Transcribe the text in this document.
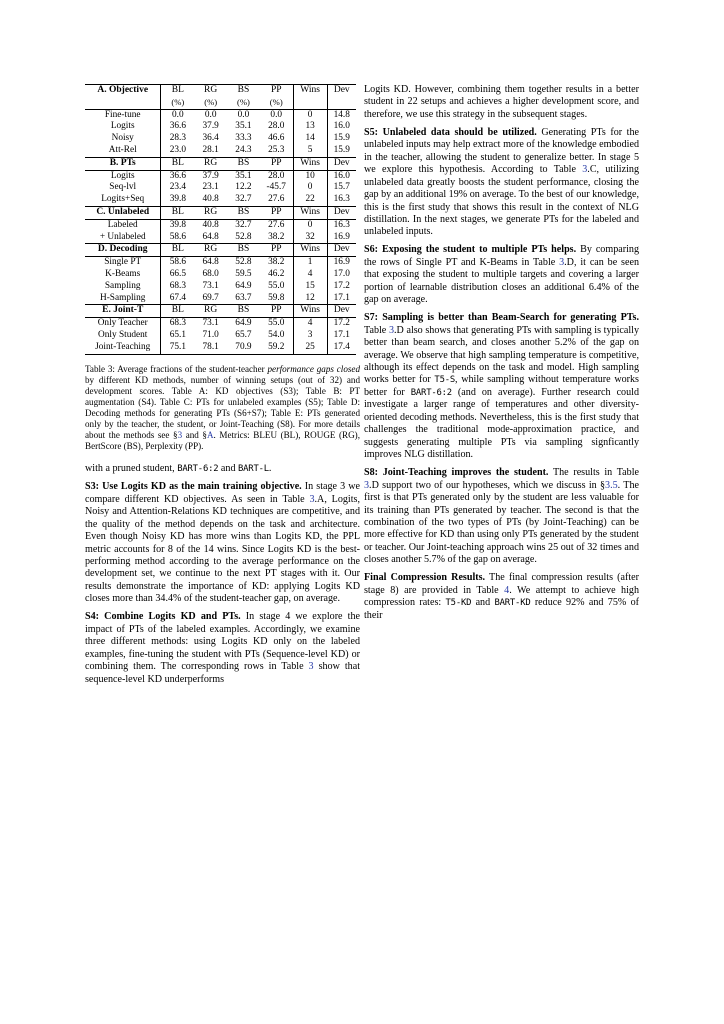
A. Objective	BL	RG	BS	PP	Wins	Dev
	(%)	(%)	(%)	(%)		
Fine-tune	0.0	0.0	0.0	0.0	0	14.8
Logits	36.6	37.9	35.1	28.0	13	16.0
Noisy	28.3	36.4	33.3	46.6	14	15.9
Att-Rel	23.0	28.1	24.3	25.3	5	15.9
B. PTs	BL	RG	BS	PP	Wins	Dev
Logits	36.6	37.9	35.1	28.0	10	16.0
Seq-lvl	23.4	23.1	12.2	-45.7	0	15.7
Logits+Seq	39.8	40.8	32.7	27.6	22	16.3
C. Unlabeled	BL	RG	BS	PP	Wins	Dev
Labeled	39.8	40.8	32.7	27.6	0	16.3
+ Unlabeled	58.6	64.8	52.8	38.2	32	16.9
D. Decoding	BL	RG	BS	PP	Wins	Dev
Single PT	58.6	64.8	52.8	38.2	1	16.9
K-Beams	66.5	68.0	59.5	46.2	4	17.0
Sampling	68.3	73.1	64.9	55.0	15	17.2
H-Sampling	67.4	69.7	63.7	59.8	12	17.1
E. Joint-T	BL	RG	BS	PP	Wins	Dev
Only Teacher	68.3	73.1	64.9	55.0	4	17.2
Only Student	65.1	71.0	65.7	54.0	3	17.1
Joint-Teaching	75.1	78.1	70.9	59.2	25	17.4

Table 3: Average fractions of the student-teacher performance gaps closed by different KD methods, number of winning setups (out of 32) and development scores. Table A: KD objectives (S3); Table B: PT augmentation (S4). Table C: PTs for unlabeled examples (S5); Table D: Decoding methods for generating PTs (S6+S7); Table E: PTs generated only by the teacher, the student, or Joint-Teaching (S8). For more details about the methods see §3 and §A. Metrics: BLEU (BL), ROUGE (RG), BertScore (BS), Perplexity (PP).

with a pruned student, BART-6:2 and BART-L.

S3: Use Logits KD as the main training objective. In stage 3 we compare different KD objectives. As seen in Table 3.A, Logits, Noisy and Attention-Relations KD techniques are competitive, and the quality of the method depends on the task and architecture. Even though Noisy KD has more wins than Logits KD, the PPL metric accounts for 8 of the 14 wins. Since Logits KD is the best-performing method according to the average performance on the development set, we continue to the next PT stages with it. Our results demonstrate the importance of KD: applying Logits KD closes more than 34.4% of the student-teacher gap, on average.

S4: Combine Logits KD and PTs. In stage 4 we explore the impact of PTs of the labeled examples. Accordingly, we examine three different methods: using Logits KD only on the labeled examples, fine-tuning the student with PTs (Sequence-level KD) or combining them. The corresponding rows in Table 3 show that sequence-level KD underperforms

Logits KD. However, combining them together results in a better student in 22 setups and achieves a higher development score, and therefore, we use this strategy in the subsequent stages.

S5: Unlabeled data should be utilized. Generating PTs for the unlabeled inputs may help extract more of the knowledge embodied in the teacher, allowing the student to generalize better. In stage 5 we explore this hypothesis. According to Table 3.C, utilizing unlabeled data greatly boosts the student performance, closing the gap by an additional 19% on average. To the best of our knowledge, this is the first study that shows this result in the context of NLG distillation. In the next stages, we generate PTs for the labeled and unlabeled inputs.

S6: Exposing the student to multiple PTs helps. By comparing the rows of Single PT and K-Beams in Table 3.D, it can be seen that exposing the student to multiple targets and covering a larger portion of learnable distribution closes an additional 6.4% of the gap on average.

S7: Sampling is better than Beam-Search for generating PTs. Table 3.D also shows that generating PTs with sampling is typically better than beam search, and closes another 5.2% of the gap on average. We observe that high sampling temperature is competitive, although its effect depends on the task and model. High sampling works better for T5-S, while sampling without temperature works better for BART-6:2 (and on average). Further research could investigate a larger range of temperatures and other diversity-oriented decoding methods. Nevertheless, this is the first study that challenges the traditional mode-approximation practice, and suggests generating multiple PTs via sampling signficantly improves NLG distillation.

S8: Joint-Teaching improves the student. The results in Table 3.D support two of our hypotheses, which we discuss in §3.5. The first is that PTs generated only by the student are less valuable for its training than PTs generated by teacher. The second is that the combination of the two types of PTs (by Joint-Teaching) can be more effective for KD than using only PTs generated by the student or teacher. Our Joint-teaching approach wins 25 out of 32 times and closes another 5.7% of the gap on average.

Final Compression Results. The final compression results (after stage 8) are provided in Table 4. We attempt to achieve high compression rates: T5-KD and BART-KD reduce 92% and 75% of their
